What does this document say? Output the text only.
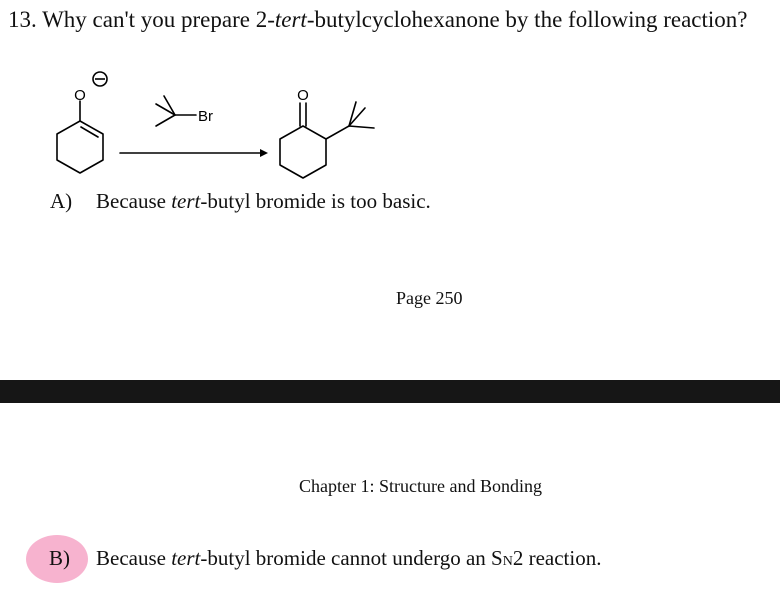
13. Why can't you prepare 2-tert-butylcyclohexanone by the following reaction?
O
Br
O
A) Because tert-butyl bromide is too basic.
Page 250
Chapter 1: Structure and Bonding
B) Because tert-butyl bromide cannot undergo an SN2 reaction.
